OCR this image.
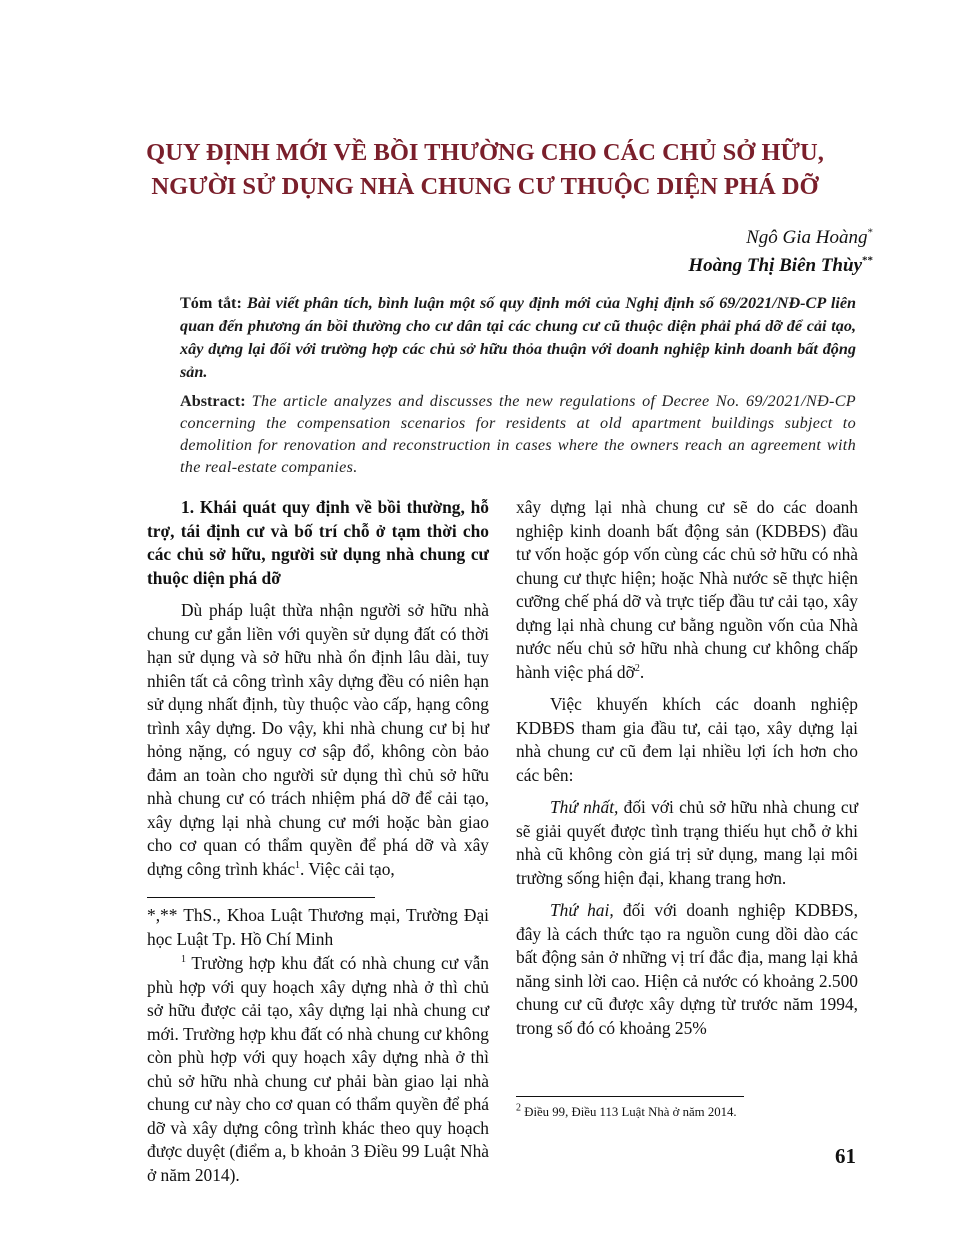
QUY ĐỊNH MỚI VỀ BỒI THƯỜNG CHO CÁC CHỦ SỞ HỮU,
NGƯỜI SỬ DỤNG NHÀ CHUNG CƯ THUỘC DIỆN PHÁ DỠ
Ngô Gia Hoàng*
Hoàng Thị Biên Thùy**

Tóm tắt: Bài viết phân tích, bình luận một số quy định mới của Nghị định số 69/2021/NĐ-CP liên quan đến phương án bồi thường cho cư dân tại các chung cư cũ thuộc diện phải phá dỡ để cải tạo, xây dựng lại đối với trường hợp các chủ sở hữu thỏa thuận với doanh nghiệp kinh doanh bất động sản.

Abstract: The article analyzes and discusses the new regulations of Decree No. 69/2021/NĐ-CP concerning the compensation scenarios for residents at old apartment buildings subject to demolition for renovation and reconstruction in cases where the owners reach an agreement with the real-estate companies.

1. Khái quát quy định về bồi thường, hỗ trợ, tái định cư và bố trí chỗ ở tạm thời cho các chủ sở hữu, người sử dụng nhà chung cư thuộc diện phá dỡ

Dù pháp luật thừa nhận người sở hữu nhà chung cư gắn liền với quyền sử dụng đất có thời hạn sử dụng và sở hữu nhà ổn định lâu dài, tuy nhiên tất cả công trình xây dựng đều có niên hạn sử dụng nhất định, tùy thuộc vào cấp, hạng công trình xây dựng. Do vậy, khi nhà chung cư bị hư hỏng nặng, có nguy cơ sập đổ, không còn bảo đảm an toàn cho người sử dụng thì chủ sở hữu nhà chung cư có trách nhiệm phá dỡ để cải tạo, xây dựng lại nhà chung cư mới hoặc bàn giao cho cơ quan có thẩm quyền để phá dỡ và xây dựng công trình khác$^1$. Việc cải tạo,

*,** ThS., Khoa Luật Thương mại, Trường Đại học Luật Tp. Hồ Chí Minh

$^1$ Trường hợp khu đất có nhà chung cư vẫn phù hợp với quy hoạch xây dựng nhà ở thì chủ sở hữu được cải tạo, xây dựng lại nhà chung cư mới. Trường hợp khu đất có nhà chung cư không còn phù hợp với quy hoạch xây dựng nhà ở thì chủ sở hữu nhà chung cư phải bàn giao lại nhà chung cư này cho cơ quan có thẩm quyền để phá dỡ và xây dựng công trình khác theo quy hoạch được duyệt (điểm a, b khoản 3 Điều 99 Luật Nhà ở năm 2014).

xây dựng lại nhà chung cư sẽ do các doanh nghiệp kinh doanh bất động sản (KDBĐS) đầu tư vốn hoặc góp vốn cùng các chủ sở hữu có nhà chung cư thực hiện; hoặc Nhà nước sẽ thực hiện cưỡng chế phá dỡ và trực tiếp đầu tư cải tạo, xây dựng lại nhà chung cư bằng nguồn vốn của Nhà nước nếu chủ sở hữu nhà chung cư không chấp hành việc phá dỡ$^2$.

Việc khuyến khích các doanh nghiệp KDBĐS tham gia đầu tư, cải tạo, xây dựng lại nhà chung cư cũ đem lại nhiều lợi ích hơn cho các bên:

Thứ nhất, đối với chủ sở hữu nhà chung cư sẽ giải quyết được tình trạng thiếu hụt chỗ ở khi nhà cũ không còn giá trị sử dụng, mang lại môi trường sống hiện đại, khang trang hơn.

Thứ hai, đối với doanh nghiệp KDBĐS, đây là cách thức tạo ra nguồn cung dồi dào các bất động sản ở những vị trí đắc địa, mang lại khả năng sinh lời cao. Hiện cả nước có khoảng 2.500 chung cư cũ được xây dựng từ trước năm 1994, trong số đó có khoảng 25%

$^2$ Điều 99, Điều 113 Luật Nhà ở năm 2014.

61
